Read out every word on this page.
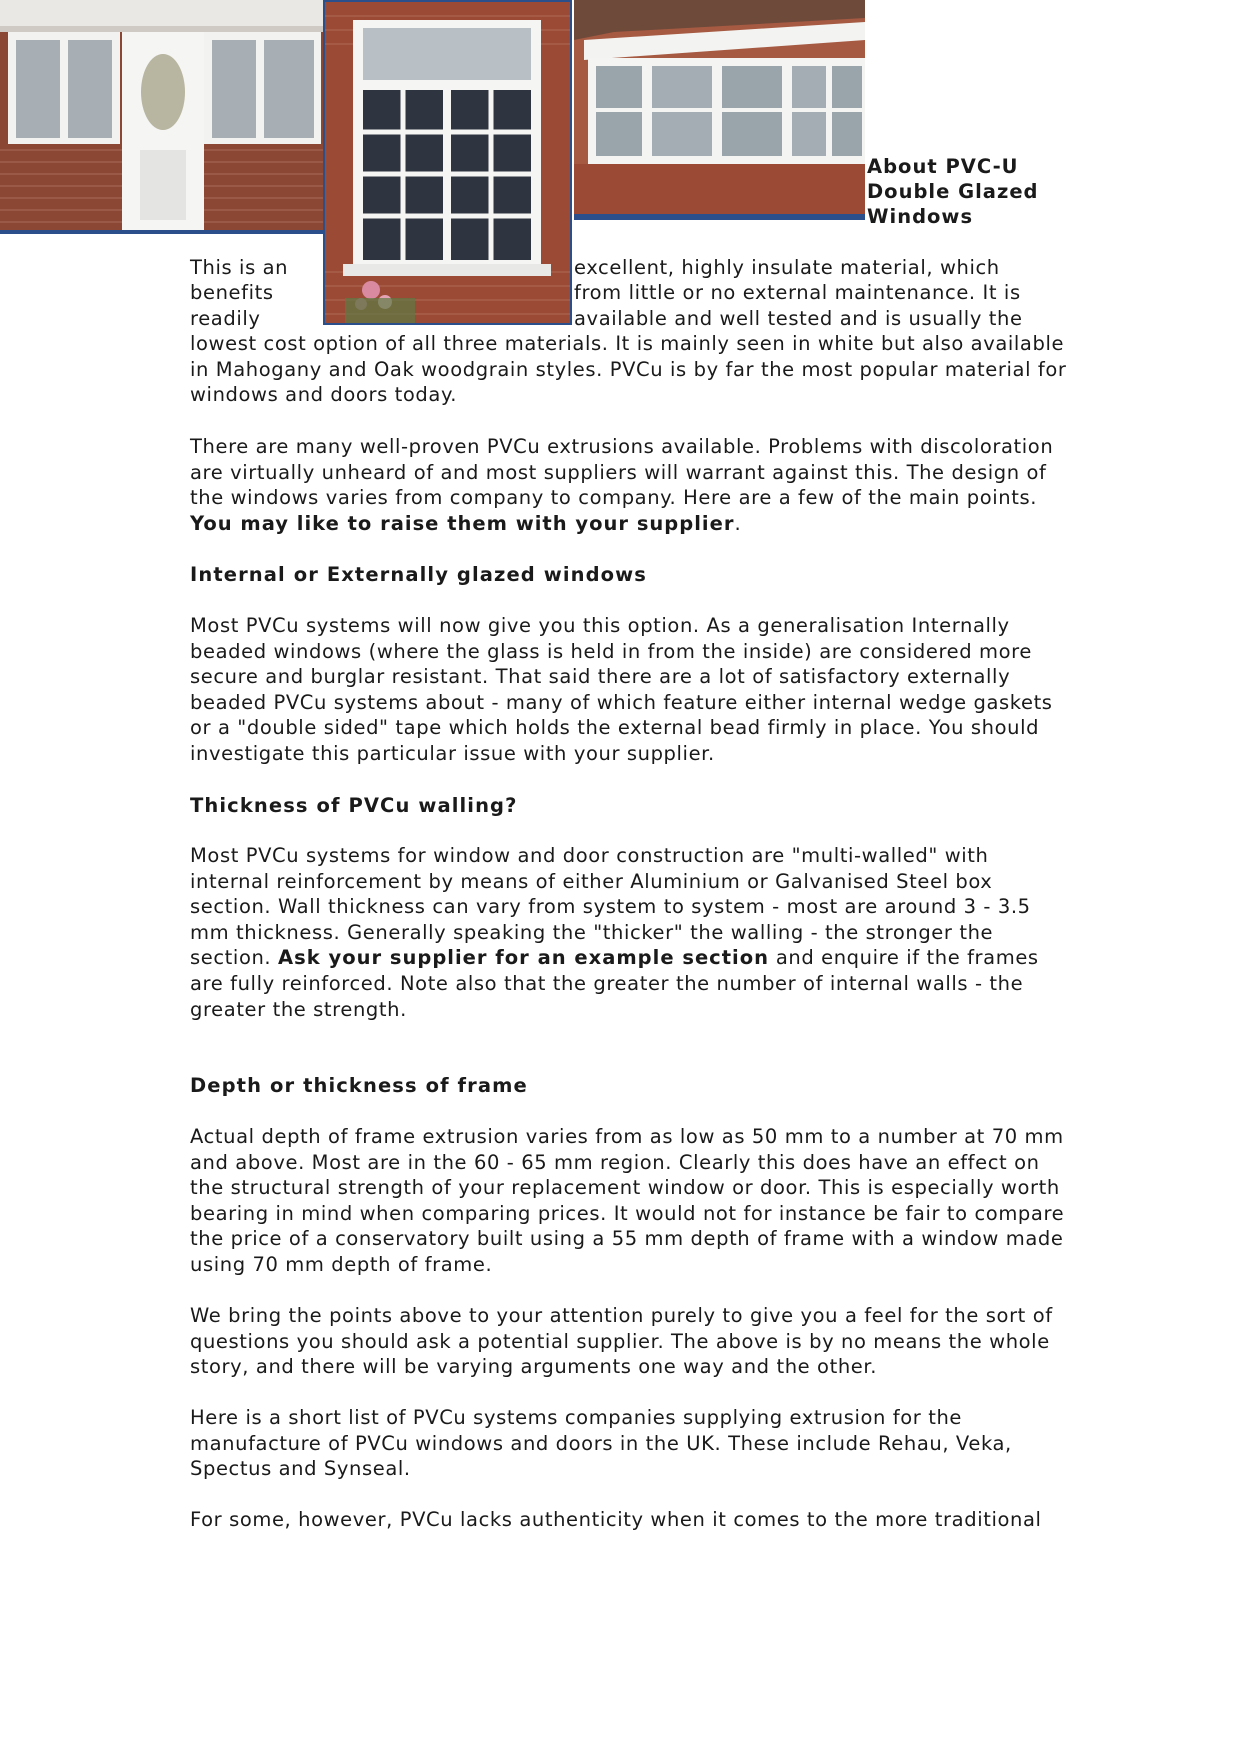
About PVC-U Double Glazed Windows
This is an
benefits
readily
excellent, highly insulate material, which
from little or no external maintenance. It is
available and well tested and is usually the

lowest cost option of all three materials. It is mainly seen in white but also available in Mahogany and Oak woodgrain styles. PVCu is by far the most popular material for windows and doors today.

There are many well-proven PVCu extrusions available. Problems with discoloration are virtually unheard of and most suppliers will warrant against this. The design of the windows varies from company to company. Here are a few of the main points. You may like to raise them with your supplier.

Internal or Externally glazed windows

Most PVCu systems will now give you this option. As a generalisation Internally beaded windows (where the glass is held in from the inside) are considered more secure and burglar resistant. That said there are a lot of satisfactory externally beaded PVCu systems about - many of which feature either internal wedge gaskets or a "double sided" tape which holds the external bead firmly in place. You should investigate this particular issue with your supplier.

Thickness of PVCu walling?

Most PVCu systems for window and door construction are "multi-walled" with internal reinforcement by means of either Aluminium or Galvanised Steel box section. Wall thickness can vary from system to system - most are around 3 - 3.5 mm thickness. Generally speaking the "thicker" the walling - the stronger the section. Ask your supplier for an example section and enquire if the frames are fully reinforced. Note also that the greater the number of internal walls - the greater the strength.

Depth or thickness of frame

Actual depth of frame extrusion varies from as low as 50 mm to a number at 70 mm and above. Most are in the 60 - 65 mm region. Clearly this does have an effect on the structural strength of your replacement window or door. This is especially worth bearing in mind when comparing prices. It would not for instance be fair to compare the price of a conservatory built using a 55 mm depth of frame with a window made using 70 mm depth of frame.

We bring the points above to your attention purely to give you a feel for the sort of questions you should ask a potential supplier. The above is by no means the whole story, and there will be varying arguments one way and the other.

Here is a short list of PVCu systems companies supplying extrusion for the manufacture of PVCu windows and doors in the UK. These include Rehau, Veka, Spectus and Synseal.

For some, however, PVCu lacks authenticity when it comes to the more traditional
